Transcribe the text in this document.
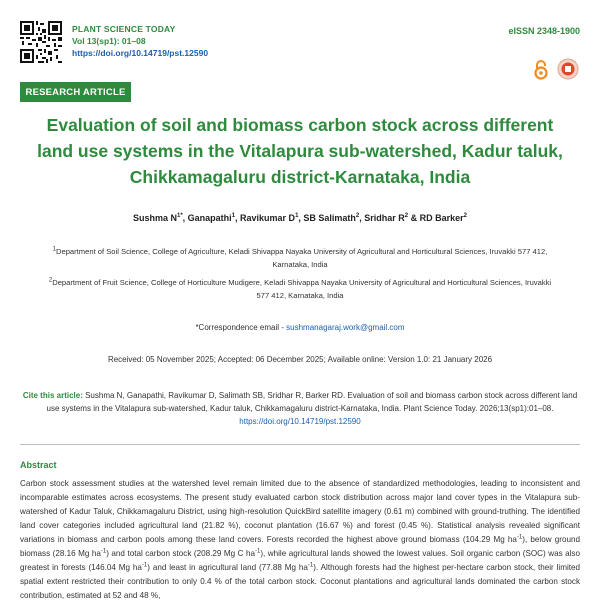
PLANT SCIENCE TODAY
Vol 13(sp1): 01–08
https://doi.org/10.14719/pst.12590
eISSN 2348-1900
RESEARCH ARTICLE
Evaluation of soil and biomass carbon stock across different
land use systems in the Vitalapura sub-watershed, Kadur taluk,
Chikkamagaluru district-Karnataka, India
Sushma $N^{1*}$, Ganapathi$^1$, Ravikumar $D^1$, SB Salimath$^2$, Sridhar $R^2$ & RD Barker$^2$
$^1$Department of Soil Science, College of Agriculture, Keladi Shivappa Nayaka University of Agricultural and Horticultural Sciences, Iruvakki 577 412,
Karnataka, India
$^2$Department of Fruit Science, College of Horticulture Mudigere, Keladi Shivappa Nayaka University of Agricultural and Horticultural Sciences, Iruvakki
577 412, Karnataka, India
*Correspondence email - sushmanagaraj.work@gmail.com
Received: 05 November 2025; Accepted: 06 December 2025; Available online: Version 1.0: 21 January 2026
Cite this article: Sushma N, Ganapathi, Ravikumar D, Salimath SB, Sridhar R, Barker RD. Evaluation of soil and biomass carbon stock across different land use systems in the Vitalapura sub-watershed, Kadur taluk, Chikkamagaluru district-Karnataka, India. Plant Science Today. 2026;13(sp1):01–08.
https://doi.org/10.14719/pst.12590
Abstract
Carbon stock assessment studies at the watershed level remain limited due to the absence of standardized methodologies, leading to inconsistent and incomparable estimates across ecosystems. The present study evaluated carbon stock distribution across major land cover types in the Vitalapura sub-watershed of Kadur Taluk, Chikkamagaluru District, using high-resolution QuickBird satellite imagery (0.61 m) combined with ground-truthing. The identified land cover categories included agricultural land (21.82 %), coconut plantation (16.67 %) and forest (0.45 %). Statistical analysis revealed significant variations in biomass and carbon pools among these land covers. Forests recorded the highest above ground biomass (104.29 Mg $ha^{-1}$), below ground biomass (28.16 Mg $ha^{-1}$) and total carbon stock (208.29 Mg C $ha^{-1}$), while agricultural lands showed the lowest values. Soil organic carbon (SOC) was also greatest in forests (146.04 Mg $ha^{-1}$) and least in agricultural land (77.88 Mg $ha^{-1}$). Although forests had the highest per-hectare carbon stock, their limited spatial extent restricted their contribution to only 0.4 % of the total carbon stock. Coconut plantations and agricultural lands dominated the carbon stock contribution, estimated at 52 and 48 %,
